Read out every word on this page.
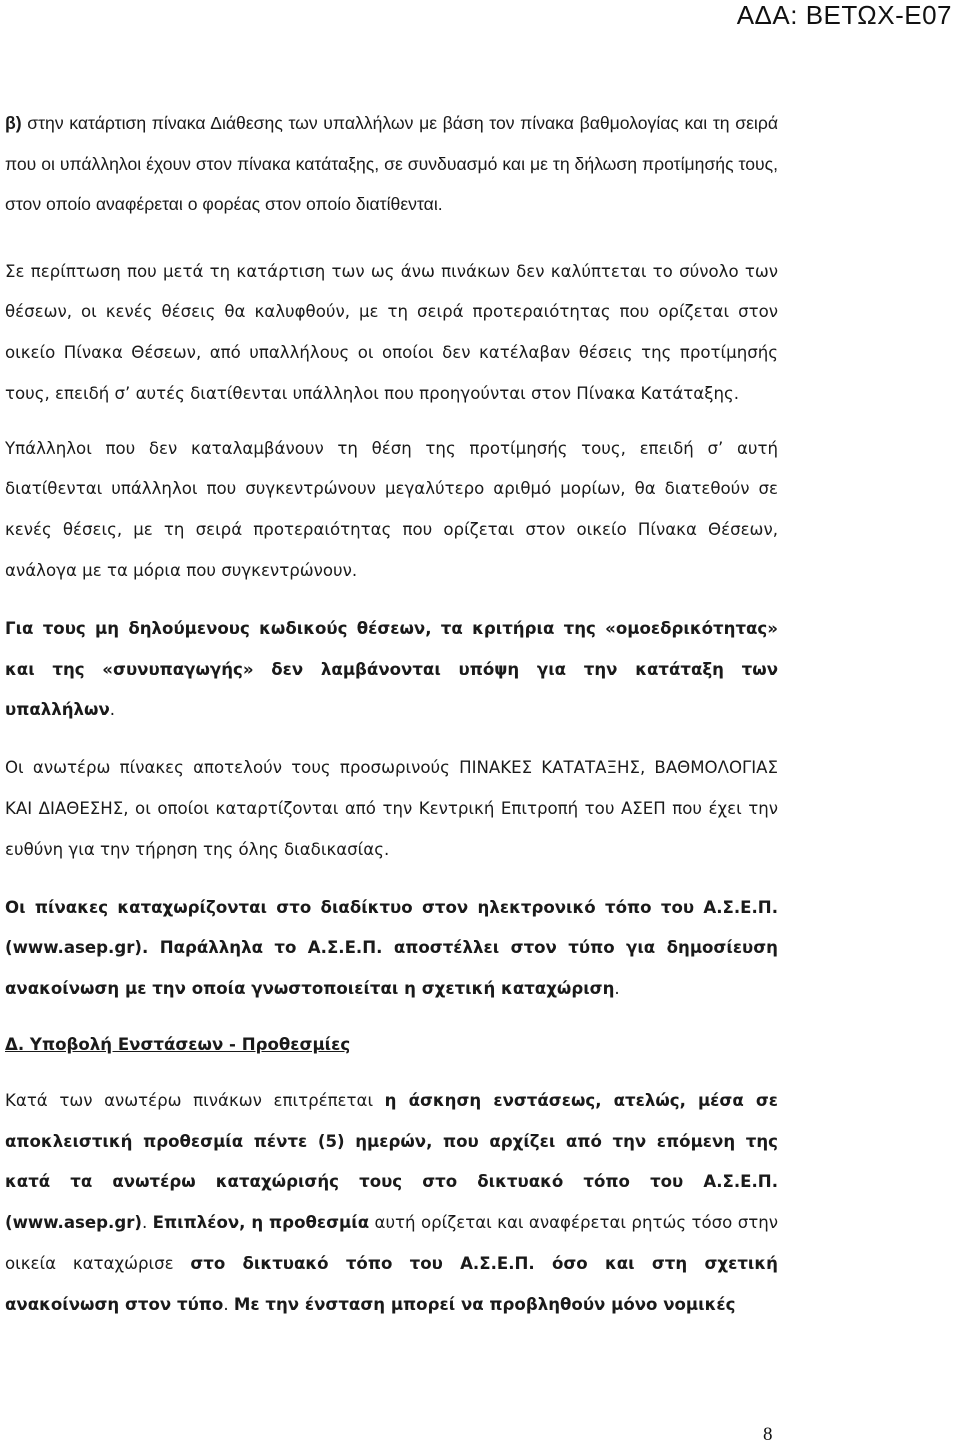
ΑΔΑ: ΒΕΤΩΧ-Ε07

β) στην κατάρτιση πίνακα Διάθεσης των υπαλλήλων με βάση τον πίνακα βαθμολογίας και τη σειρά που οι υπάλληλοι έχουν στον πίνακα κατάταξης, σε συνδυασμό και με τη δήλωση προτίμησής τους, στον οποίο αναφέρεται ο φορέας στον οποίο διατίθενται.

Σε περίπτωση που μετά τη κατάρτιση των ως άνω πινάκων δεν καλύπτεται το σύνολο των θέσεων, οι κενές θέσεις θα καλυφθούν, με τη σειρά προτεραιότητας που ορίζεται στον οικείο Πίνακα Θέσεων, από υπαλλήλους οι οποίοι δεν κατέλαβαν θέσεις της προτίμησής τους, επειδή σ’ αυτές διατίθενται υπάλληλοι που προηγούνται στον Πίνακα Κατάταξης.

Υπάλληλοι που δεν καταλαμβάνουν τη θέση της προτίμησής τους, επειδή σ’ αυτή διατίθενται υπάλληλοι που συγκεντρώνουν μεγαλύτερο αριθμό μορίων, θα διατεθούν σε κενές θέσεις, με τη σειρά προτεραιότητας που ορίζεται στον οικείο Πίνακα Θέσεων, ανάλογα με τα μόρια που συγκεντρώνουν.

Για τους μη δηλούμενους κωδικούς θέσεων, τα κριτήρια της «ομοεδρικότητας» και της «συνυπαγωγής» δεν λαμβάνονται υπόψη για την κατάταξη των υπαλλήλων.

Οι ανωτέρω πίνακες αποτελούν τους προσωρινούς ΠΙΝΑΚΕΣ ΚΑΤΑΤΑΞΗΣ, ΒΑΘΜΟΛΟΓΙΑΣ ΚΑΙ ΔΙΑΘΕΣΗΣ, οι οποίοι καταρτίζονται από την Κεντρική Επιτροπή του ΑΣΕΠ που έχει την ευθύνη για την τήρηση της όλης διαδικασίας.

Οι πίνακες καταχωρίζονται στο διαδίκτυο στον ηλεκτρονικό τόπο του Α.Σ.Ε.Π. (www.asep.gr). Παράλληλα το Α.Σ.Ε.Π. αποστέλλει στον τύπο για δημοσίευση ανακοίνωση με την οποία γνωστοποιείται η σχετική καταχώριση.

Δ. Υποβολή Ενστάσεων - Προθεσμίες

Κατά των ανωτέρω πινάκων επιτρέπεται η άσκηση ενστάσεως, ατελώς, μέσα σε αποκλειστική προθεσμία πέντε (5) ημερών, που αρχίζει από την επόμενη της κατά τα ανωτέρω καταχώρισής τους στο δικτυακό τόπο του Α.Σ.Ε.Π. (www.asep.gr). Επιπλέον, η προθεσμία αυτή ορίζεται και αναφέρεται ρητώς τόσο στην οικεία καταχώρισε στο δικτυακό τόπο του Α.Σ.Ε.Π. όσο και στη σχετική ανακοίνωση στον τύπο. Με την ένσταση μπορεί να προβληθούν μόνο νομικές

8
